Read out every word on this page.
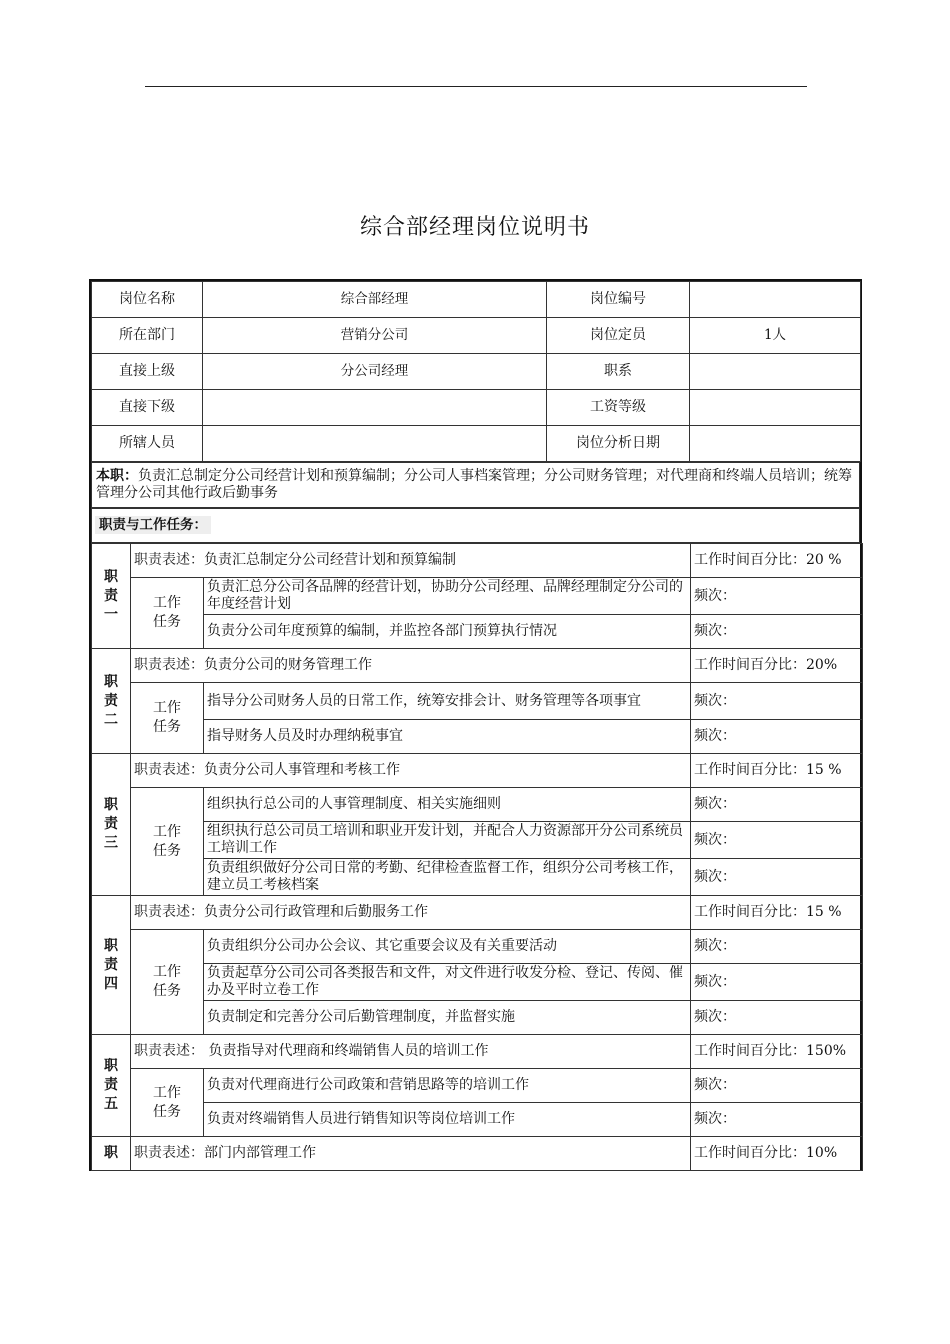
综合部经理岗位说明书
岗位名称	综合部经理	岗位编号	
所在部门	营销分公司	岗位定员	1人
直接上级	分公司经理	职系	
直接下级		工资等级	
所辖人员		岗位分析日期	
本职：负责汇总制定分公司经营计划和预算编制；分公司人事档案管理；分公司财务管理；对代理商和终端人员培训；统筹管理分公司其他行政后勤事务
职责与工作任务：
职
责
一	职责表述：负责汇总制定分公司经营计划和预算编制		工作时间百分比：20 %

	工作
任务	负责汇总分公司各品牌的经营计划，协助分公司经理、品牌经理制定分公司的年度经营计划	频次：
		负责分公司年度预算的编制，并监控各部门预算执行情况	频次：

职
责
二	职责表述：负责分公司的财务管理工作		工作时间百分比：20%

	工作
任务	指导分公司财务人员的日常工作，统筹安排会计、财务管理等各项事宜	频次：
		指导财务人员及时办理纳税事宜	频次：

职
责
三	职责表述：负责分公司人事管理和考核工作		工作时间百分比：15 %

	工作
任务	组织执行总公司的人事管理制度、相关实施细则	频次：
		组织执行总公司员工培训和职业开发计划，并配合人力资源部开分公司系统员工培训工作	频次：
		负责组织做好分公司日常的考勤、纪律检查监督工作，组织分公司考核工作，建立员工考核档案	频次：

职
责
四	职责表述：负责分公司行政管理和后勤服务工作		工作时间百分比：15 %

	工作
任务	负责组织分公司办公会议、其它重要会议及有关重要活动	频次：
		负责起草分公司公司各类报告和文件，对文件进行收发分检、登记、传阅、催办及平时立卷工作	频次：
		负责制定和完善分公司后勤管理制度，并监督实施	频次：

职
责
五	职责表述： 负责指导对代理商和终端销售人员的培训工作		工作时间百分比：150%

	工作
任务	负责对代理商进行公司政策和营销思路等的培训工作	频次：
		负责对终端销售人员进行销售知识等岗位培训工作	频次：

职	职责表述：部门内部管理工作		工作时间百分比：10%
